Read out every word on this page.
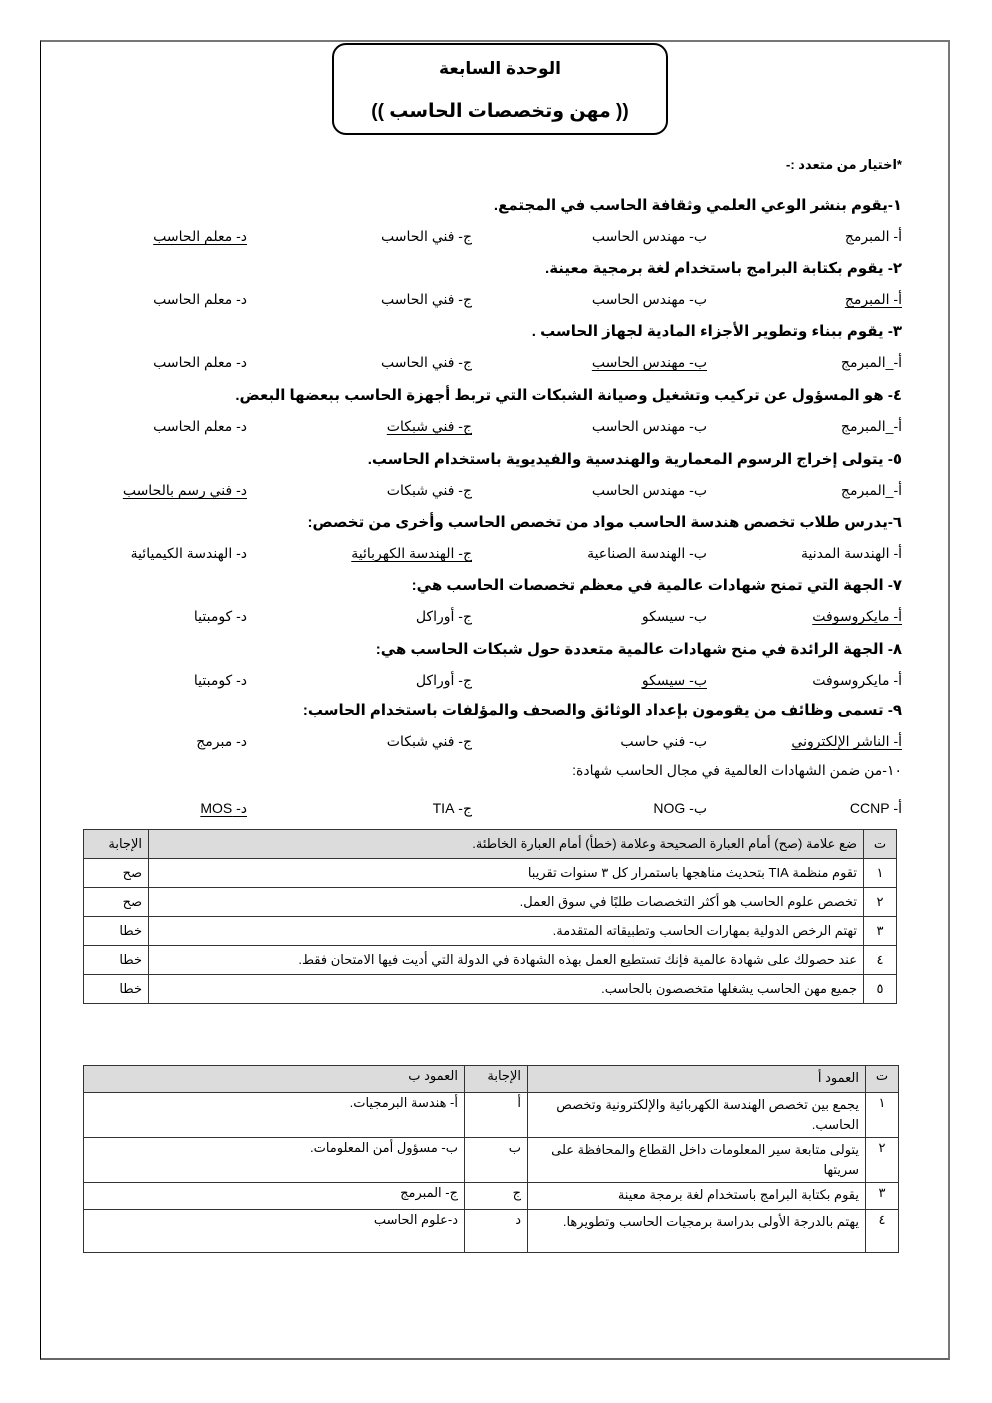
الوحدة السابعة
(( مهن وتخصصات الحاسب ))
*اختيار من متعدد :-
١-يقوم بنشر الوعي العلمي وثقافة الحاسب في المجتمع.
أ- المبرمج
ب- مهندس الحاسب
ج- فني الحاسب
د- معلم الحاسب
٢- يقوم بكتابة البرامج باستخدام لغة برمجية معينة.
أ- المبرمج
ب- مهندس الحاسب
ج- فني الحاسب
د- معلم الحاسب
٣- يقوم ببناء وتطوير الأجزاء المادية لجهاز الحاسب .
أ-_المبرمج
ب- مهندس الحاسب
ج- فني الحاسب
د- معلم الحاسب
٤- هو المسؤول عن تركيب وتشغيل وصيانة الشبكات التي تربط أجهزة الحاسب ببعضها البعض.
أ-_المبرمج
ب- مهندس الحاسب
ج- فني شبكات
د- معلم الحاسب
٥- يتولى إخراج الرسوم المعمارية والهندسية والفيديوية باستخدام الحاسب.
أ-_المبرمج
ب- مهندس الحاسب
ج- فني شبكات
د- فني رسم بالحاسب
٦-يدرس طلاب تخصص هندسة الحاسب مواد من تخصص الحاسب وأخرى من تخصص:
أ- الهندسة المدنية
ب- الهندسة الصناعية
ج- الهندسة الكهربائية
د- الهندسة الكيميائية
٧- الجهة التي تمنح شهادات عالمية في معظم تخصصات الحاسب هي:
أ- مايكروسوفت
ب- سيسكو
ج- أوراكل
د- كومبتيا
٨- الجهة الرائدة في منح شهادات عالمية متعددة حول شبكات الحاسب هي:
أ- مايكروسوفت
ب- سيسكو
ج- أوراكل
د- كومبتيا
٩- تسمى وظائف من يقومون بإعداد الوثائق والصحف والمؤلفات باستخدام الحاسب:
أ- الناشر الإلكتروني
ب- فني حاسب
ج- فني شبكات
د- مبرمج
١٠-من ضمن الشهادات العالمية في مجال الحاسب شهادة:
أ- CCNP
ب- NOG
ج- TIA
د- MOS
ت	ضع علامة (صح) أمام العبارة الصحيحة وعلامة (خطأ) أمام العبارة الخاطئة.	الإجابة
١	تقوم منظمة TIA بتحديث مناهجها باستمرار كل ٣ سنوات تقريبا	صح
٢	تخصص علوم الحاسب هو أكثر التخصصات طلبًا في سوق العمل.	صح
٣	تهتم الرخص الدولية بمهارات الحاسب وتطبيقاته المتقدمة.	خطا
٤	عند حصولك على شهادة عالمية فإنك تستطيع العمل بهذه الشهادة في الدولة التي أديت فيها الامتحان فقط.	خطا
٥	جميع مهن الحاسب يشغلها متخصصون بالحاسب.	خطا
ت	العمود أ	الإجابة	العمود ب
١	يجمع بين تخصص الهندسة الكهربائية والإلكترونية وتخصص الحاسب.	أ	أ- هندسة البرمجيات.
٢	يتولى متابعة سير المعلومات داخل القطاع والمحافظة على سريتها	ب	ب- مسؤول أمن المعلومات.
٣	يقوم بكتابة البرامج باستخدام لغة برمجة معينة	ج	ج- المبرمج
٤	يهتم بالدرجة الأولى بدراسة برمجيات الحاسب وتطويرها.	د	د-علوم الحاسب
